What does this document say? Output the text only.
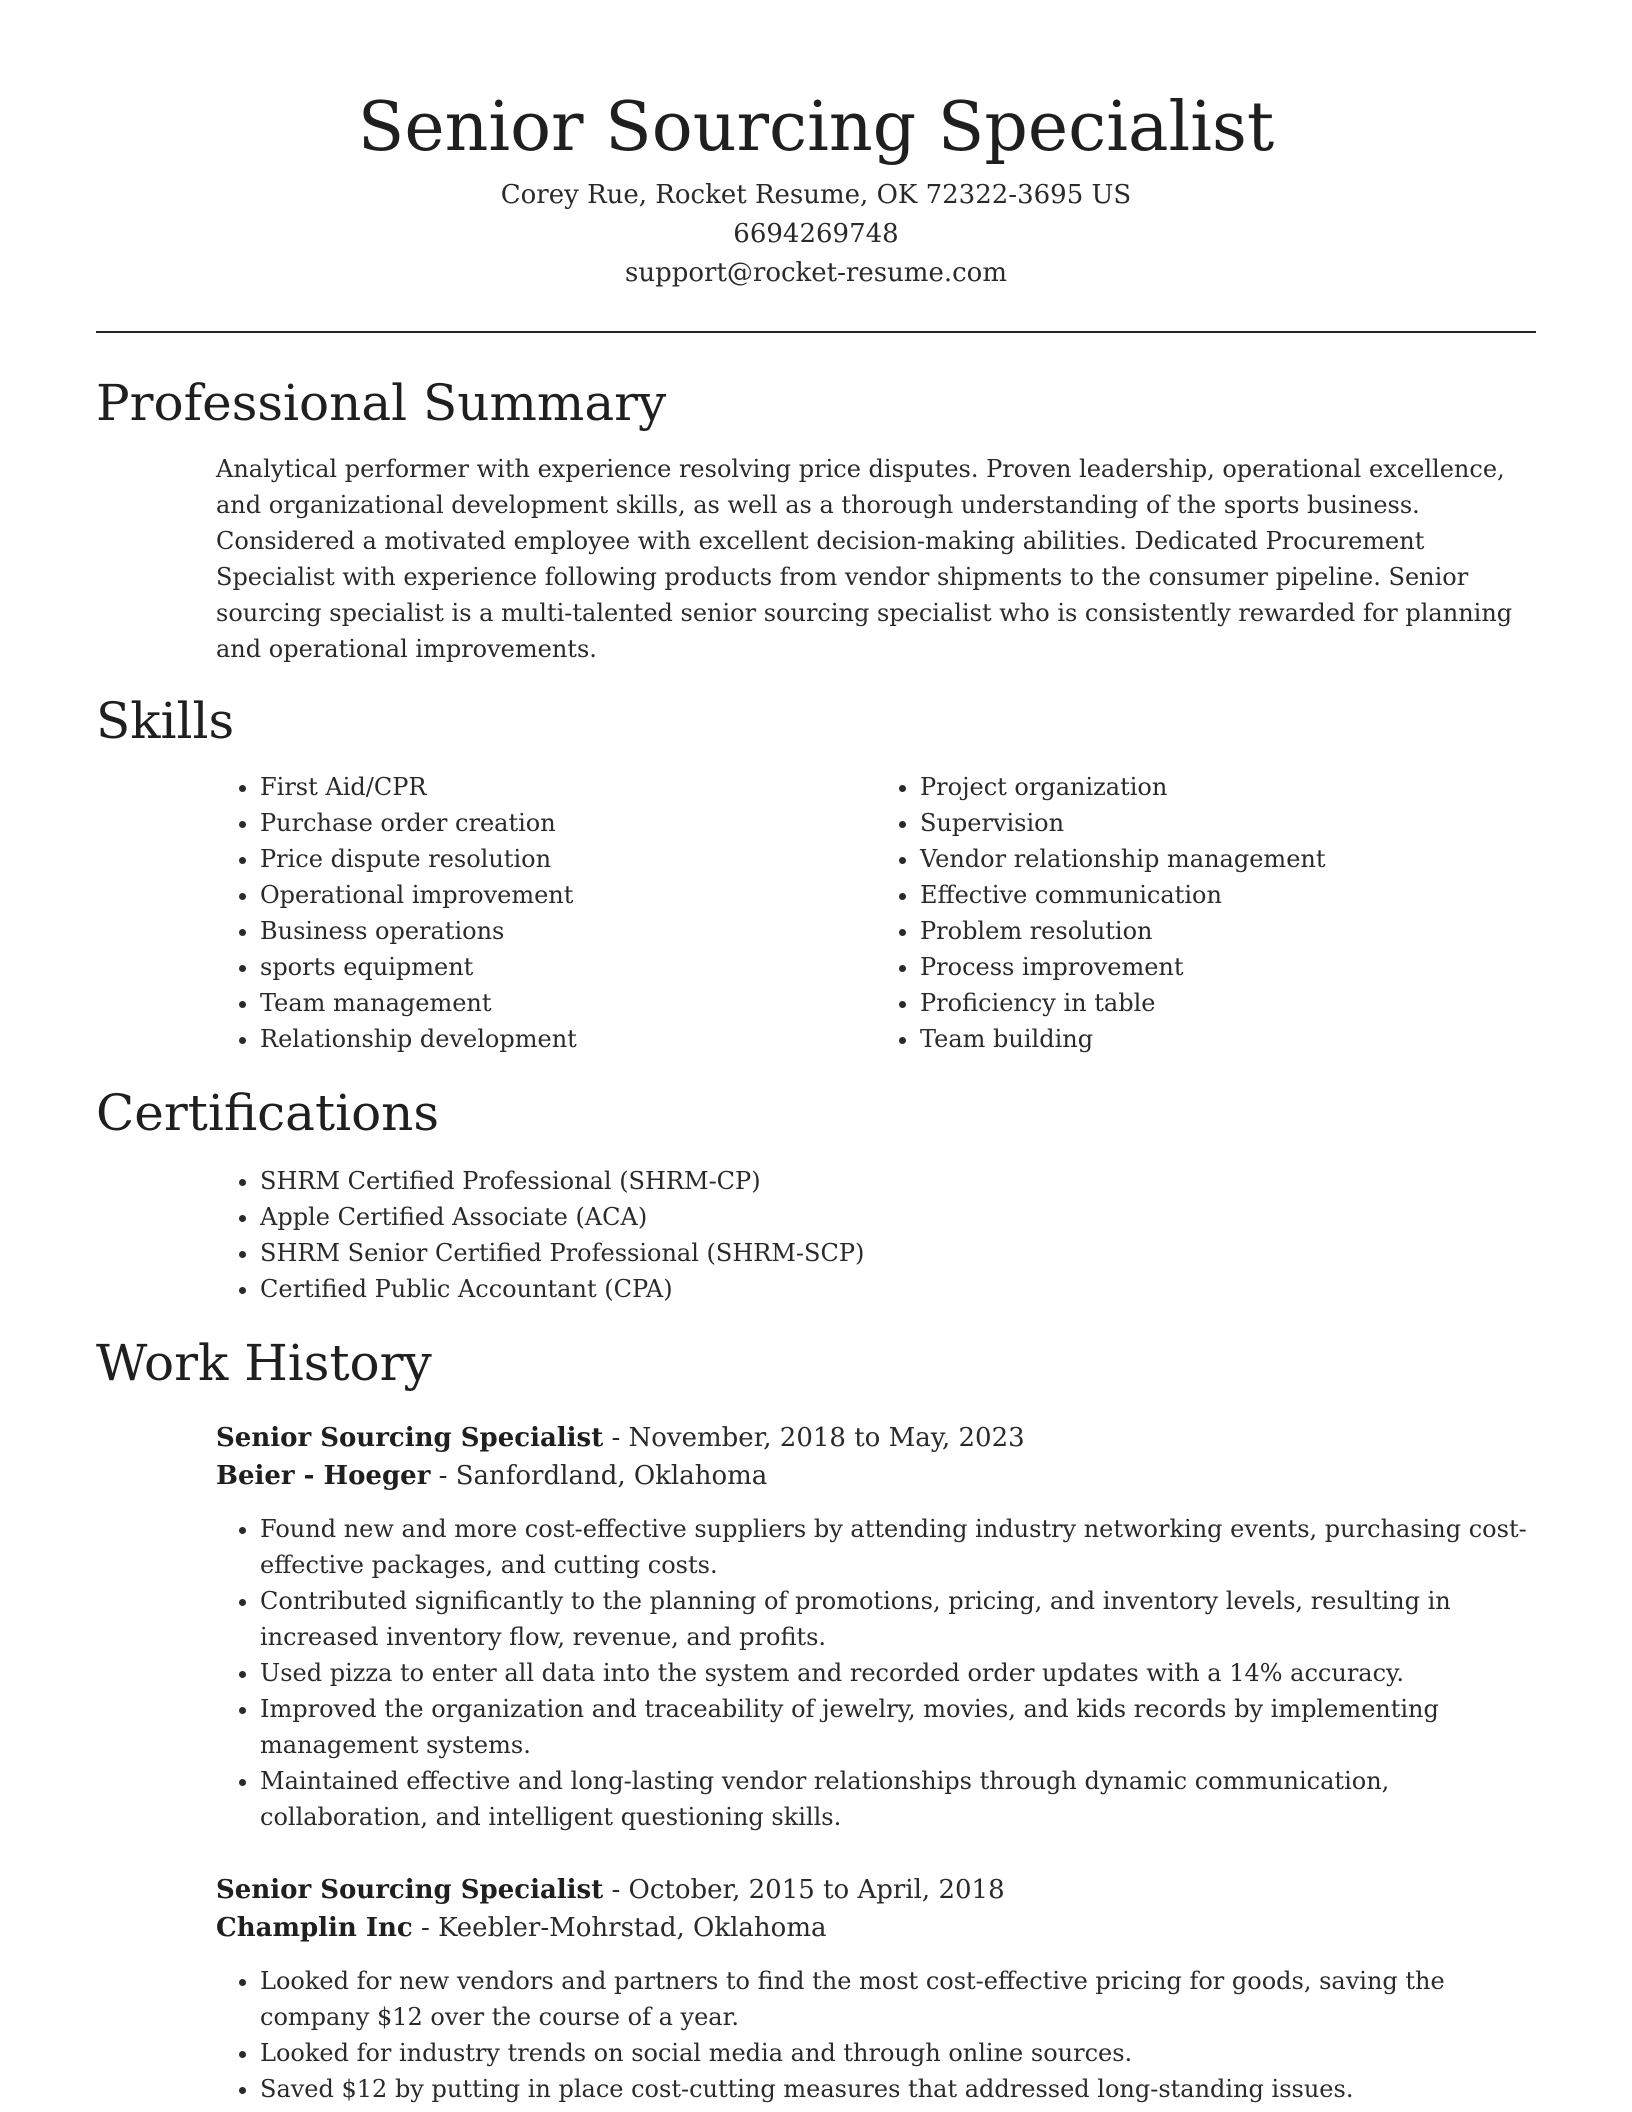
Senior Sourcing Specialist
Corey Rue, Rocket Resume, OK 72322-3695 US
6694269748
support@rocket-resume.com
Professional Summary
Analytical performer with experience resolving price disputes. Proven leadership, operational excellence, and organizational development skills, as well as a thorough understanding of the sports business. Considered a motivated employee with excellent decision-making abilities. Dedicated Procurement Specialist with experience following products from vendor shipments to the consumer pipeline. Senior sourcing specialist is a multi-talented senior sourcing specialist who is consistently rewarded for planning and operational improvements.
Skills
• First Aid/CPR
• Purchase order creation
• Price dispute resolution
• Operational improvement
• Business operations
• sports equipment
• Team management
• Relationship development
• Project organization
• Supervision
• Vendor relationship management
• Effective communication
• Problem resolution
• Process improvement
• Proficiency in table
• Team building
Certifications
• SHRM Certified Professional (SHRM-CP)
• Apple Certified Associate (ACA)
• SHRM Senior Certified Professional (SHRM-SCP)
• Certified Public Accountant (CPA)
Work History
Senior Sourcing Specialist - November, 2018 to May, 2023
Beier - Hoeger - Sanfordland, Oklahoma
• Found new and more cost-effective suppliers by attending industry networking events, purchasing cost-effective packages, and cutting costs.
• Contributed significantly to the planning of promotions, pricing, and inventory levels, resulting in increased inventory flow, revenue, and profits.
• Used pizza to enter all data into the system and recorded order updates with a 14% accuracy.
• Improved the organization and traceability of jewelry, movies, and kids records by implementing management systems.
• Maintained effective and long-lasting vendor relationships through dynamic communication, collaboration, and intelligent questioning skills.
Senior Sourcing Specialist - October, 2015 to April, 2018
Champlin Inc - Keebler-Mohrstad, Oklahoma
• Looked for new vendors and partners to find the most cost-effective pricing for goods, saving the company $12 over the course of a year.
• Looked for industry trends on social media and through online sources.
• Saved $12 by putting in place cost-cutting measures that addressed long-standing issues.
